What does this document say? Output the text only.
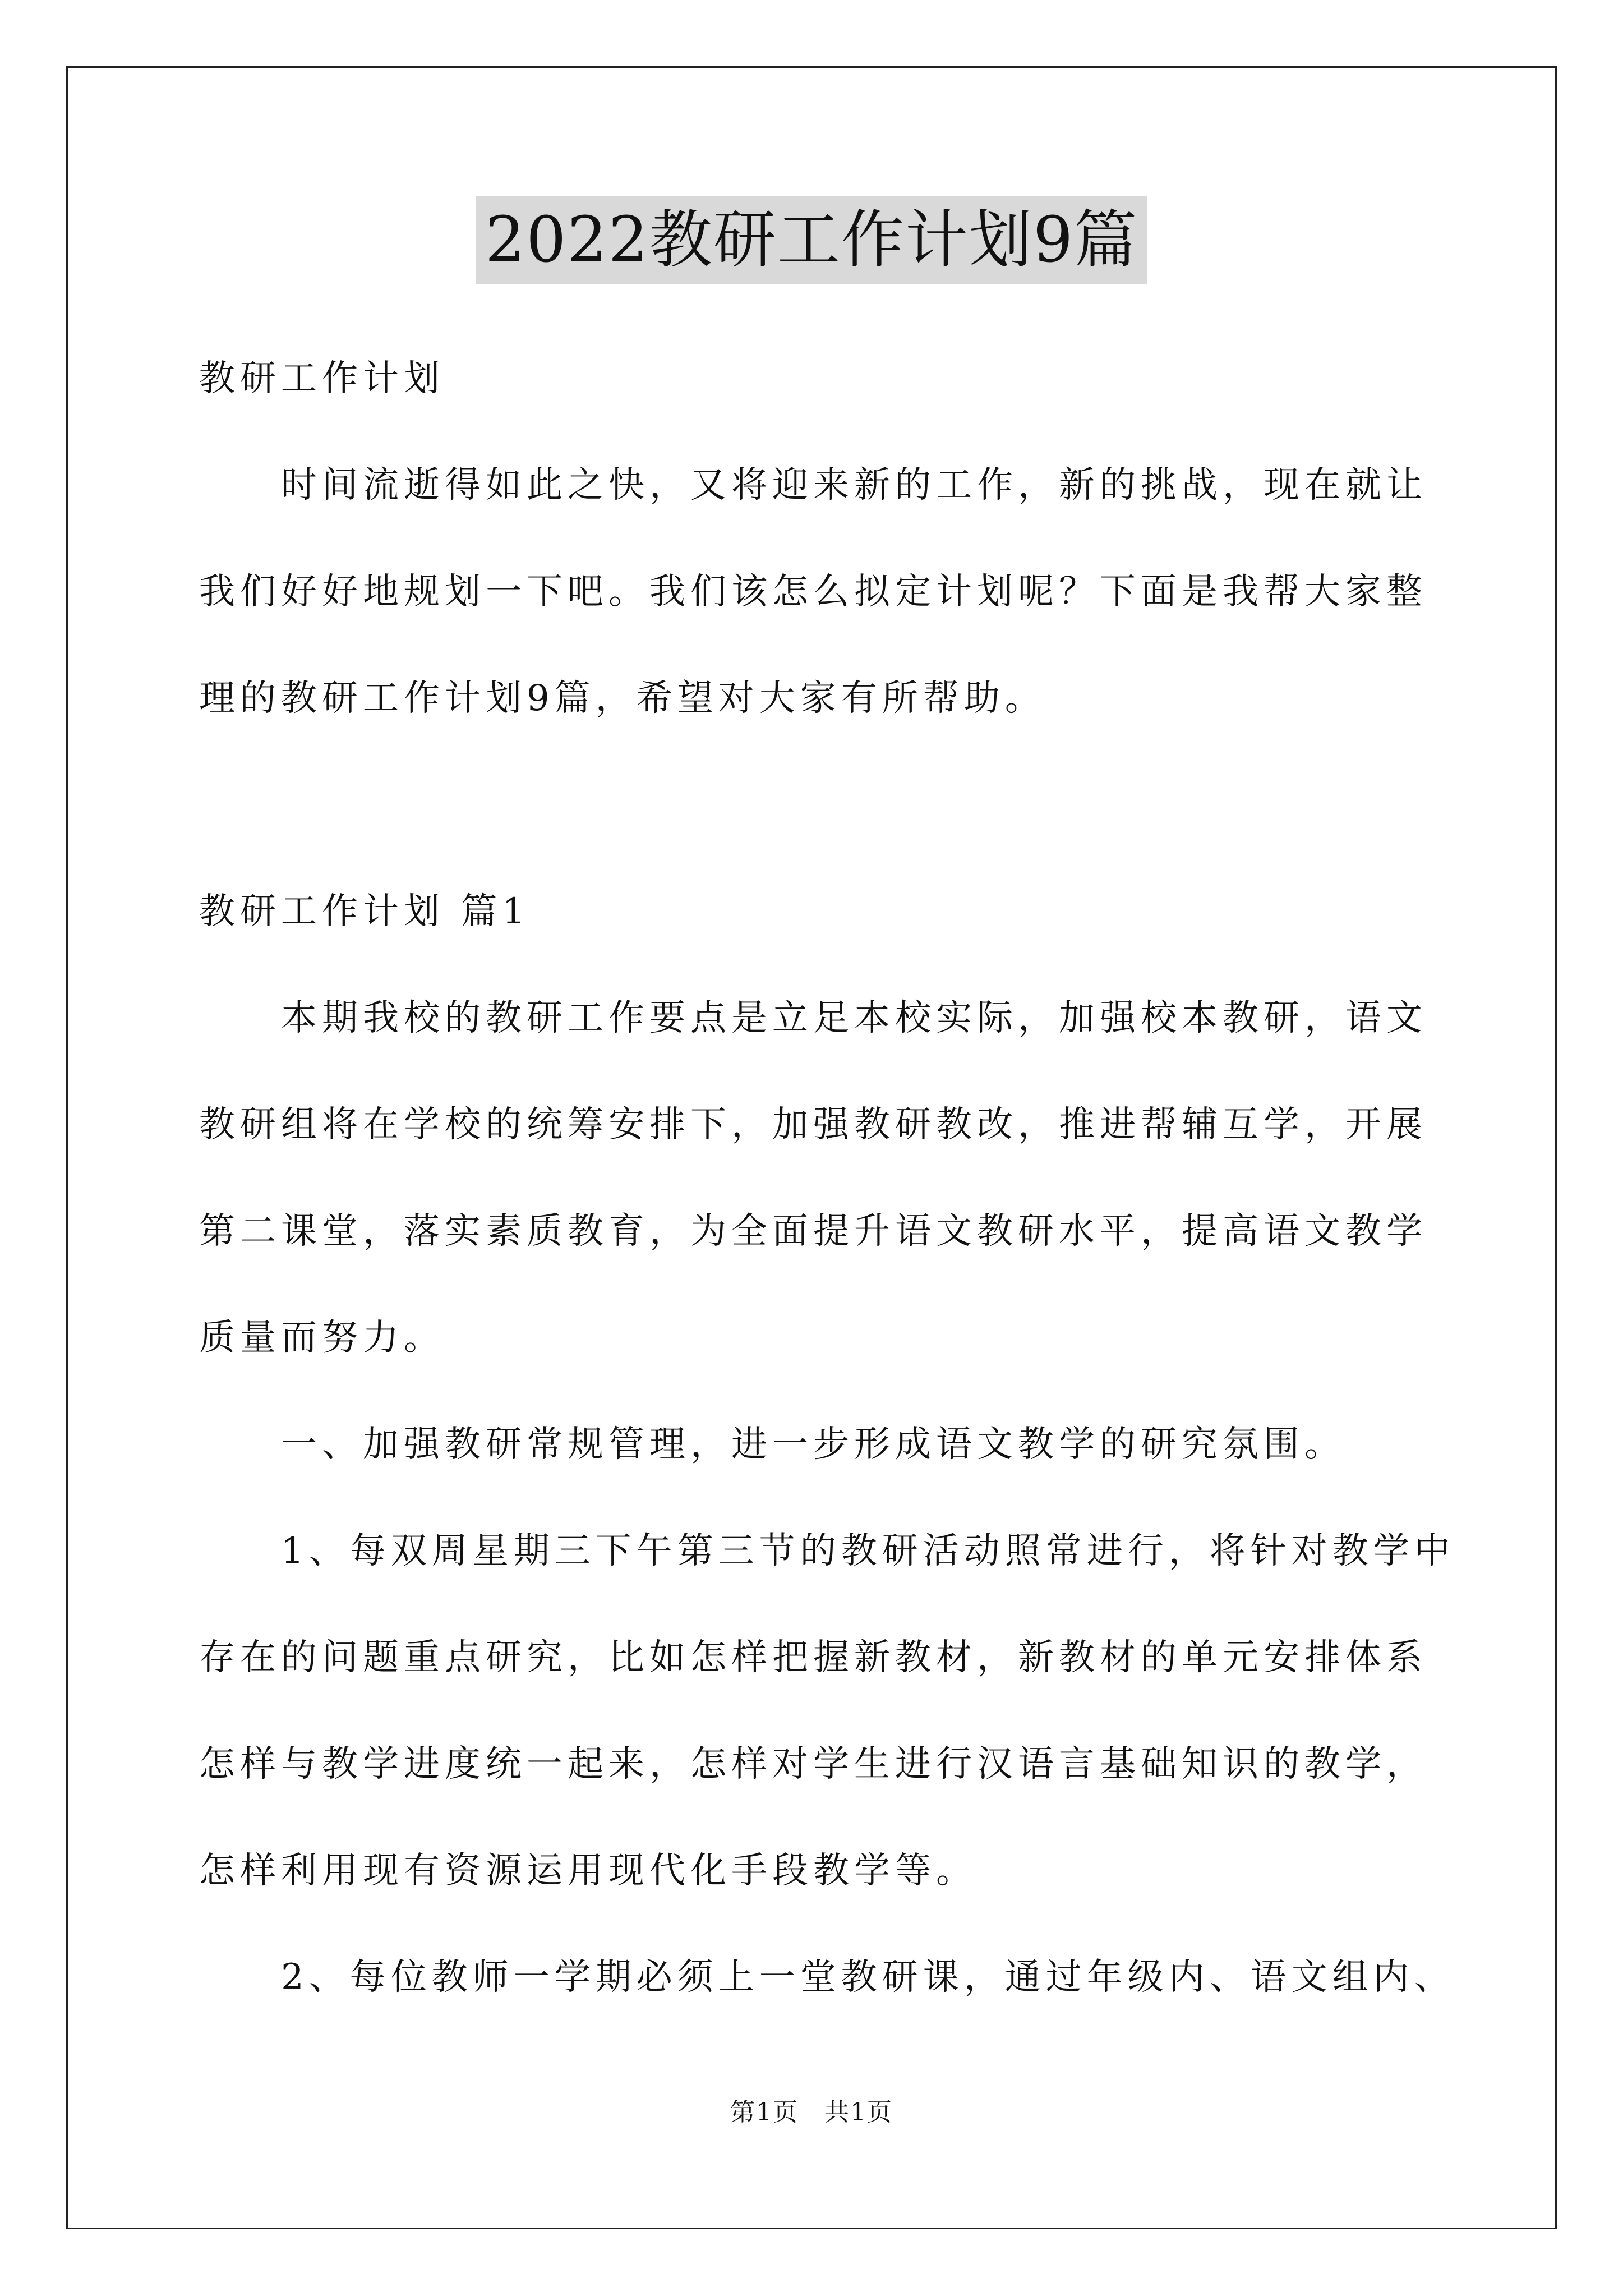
2022教研工作计划9篇
教研工作计划
　　时间流逝得如此之快，又将迎来新的工作，新的挑战，现在就让
我们好好地规划一下吧。我们该怎么拟定计划呢？下面是我帮大家整
理的教研工作计划9篇，希望对大家有所帮助。
教研工作计划 篇1
　　本期我校的教研工作要点是立足本校实际，加强校本教研，语文
教研组将在学校的统筹安排下，加强教研教改，推进帮辅互学，开展
第二课堂，落实素质教育，为全面提升语文教研水平，提高语文教学
质量而努力。
　　一、加强教研常规管理，进一步形成语文教学的研究氛围。
　　1、每双周星期三下午第三节的教研活动照常进行，将针对教学中
存在的问题重点研究，比如怎样把握新教材，新教材的单元安排体系
怎样与教学进度统一起来，怎样对学生进行汉语言基础知识的教学，
怎样利用现有资源运用现代化手段教学等。
　　2、每位教师一学期必须上一堂教研课，通过年级内、语文组内、
第1页　共1页
